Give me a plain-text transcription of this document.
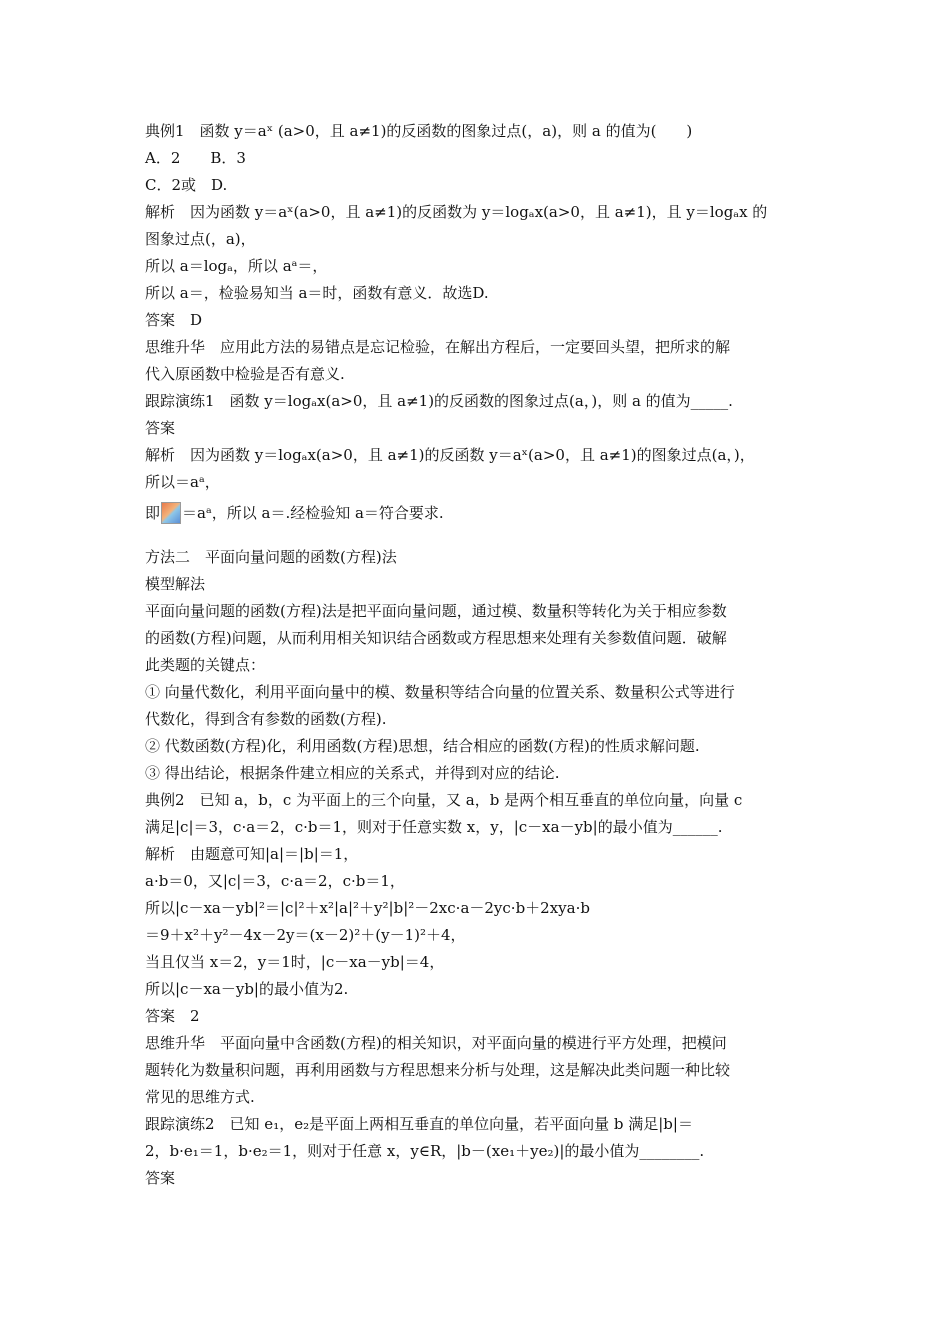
典例1　函数 y＝aˣ (a>0，且 a≠1)的反函数的图象过点(，a)，则 a 的值为(　　)
A．2　　B．3
C．2或　D.
解析　因为函数 y＝aˣ(a>0，且 a≠1)的反函数为 y＝logₐx(a>0，且 a≠1)，且 y＝logₐx 的
图象过点(，a)，
所以 a＝logₐ，所以 aᵃ＝，
所以 a＝，检验易知当 a＝时，函数有意义．故选D.
答案　D
思维升华　应用此方法的易错点是忘记检验，在解出方程后，一定要回头望，把所求的解
代入原函数中检验是否有意义.
跟踪演练1　函数 y＝logₐx(a>0，且 a≠1)的反函数的图象过点(a，)，则 a 的值为_____.
答案
解析　因为函数 y＝logₐx(a>0，且 a≠1)的反函数 y＝aˣ(a>0，且 a≠1)的图象过点(a，)，
所以＝aᵃ，
即 ＝aᵃ，所以 a＝.经检验知 a＝符合要求.
方法二　平面向量问题的函数(方程)法
模型解法
平面向量问题的函数(方程)法是把平面向量问题，通过模、数量积等转化为关于相应参数
的函数(方程)问题，从而利用相关知识结合函数或方程思想来处理有关参数值问题．破解
此类题的关键点：
① 向量代数化，利用平面向量中的模、数量积等结合向量的位置关系、数量积公式等进行
代数化，得到含有参数的函数(方程).
② 代数函数(方程)化，利用函数(方程)思想，结合相应的函数(方程)的性质求解问题.
③ 得出结论，根据条件建立相应的关系式，并得到对应的结论.
典例2　已知 a，b，c 为平面上的三个向量，又 a，b 是两个相互垂直的单位向量，向量 c
满足|c|＝3，c·a＝2，c·b＝1，则对于任意实数 x，y，|c－xa－yb|的最小值为______.
解析　由题意可知|a|＝|b|＝1，
a·b＝0，又|c|＝3，c·a＝2，c·b＝1，
所以|c－xa－yb|²＝|c|²＋x²|a|²＋y²|b|²－2xc·a－2yc·b＋2xya·b
＝9＋x²＋y²－4x－2y＝(x－2)²＋(y－1)²＋4，
当且仅当 x＝2，y＝1时，|c－xa－yb|＝4，
所以|c－xa－yb|的最小值为2.
答案　2
思维升华　平面向量中含函数(方程)的相关知识，对平面向量的模进行平方处理，把模问
题转化为数量积问题，再利用函数与方程思想来分析与处理，这是解决此类问题一种比较
常见的思维方式.
跟踪演练2　已知 e₁，e₂是平面上两相互垂直的单位向量，若平面向量 b 满足|b|＝
2，b·e₁＝1，b·e₂＝1，则对于任意 x，y∈R，|b－(xe₁＋ye₂)|的最小值为________.
答案
